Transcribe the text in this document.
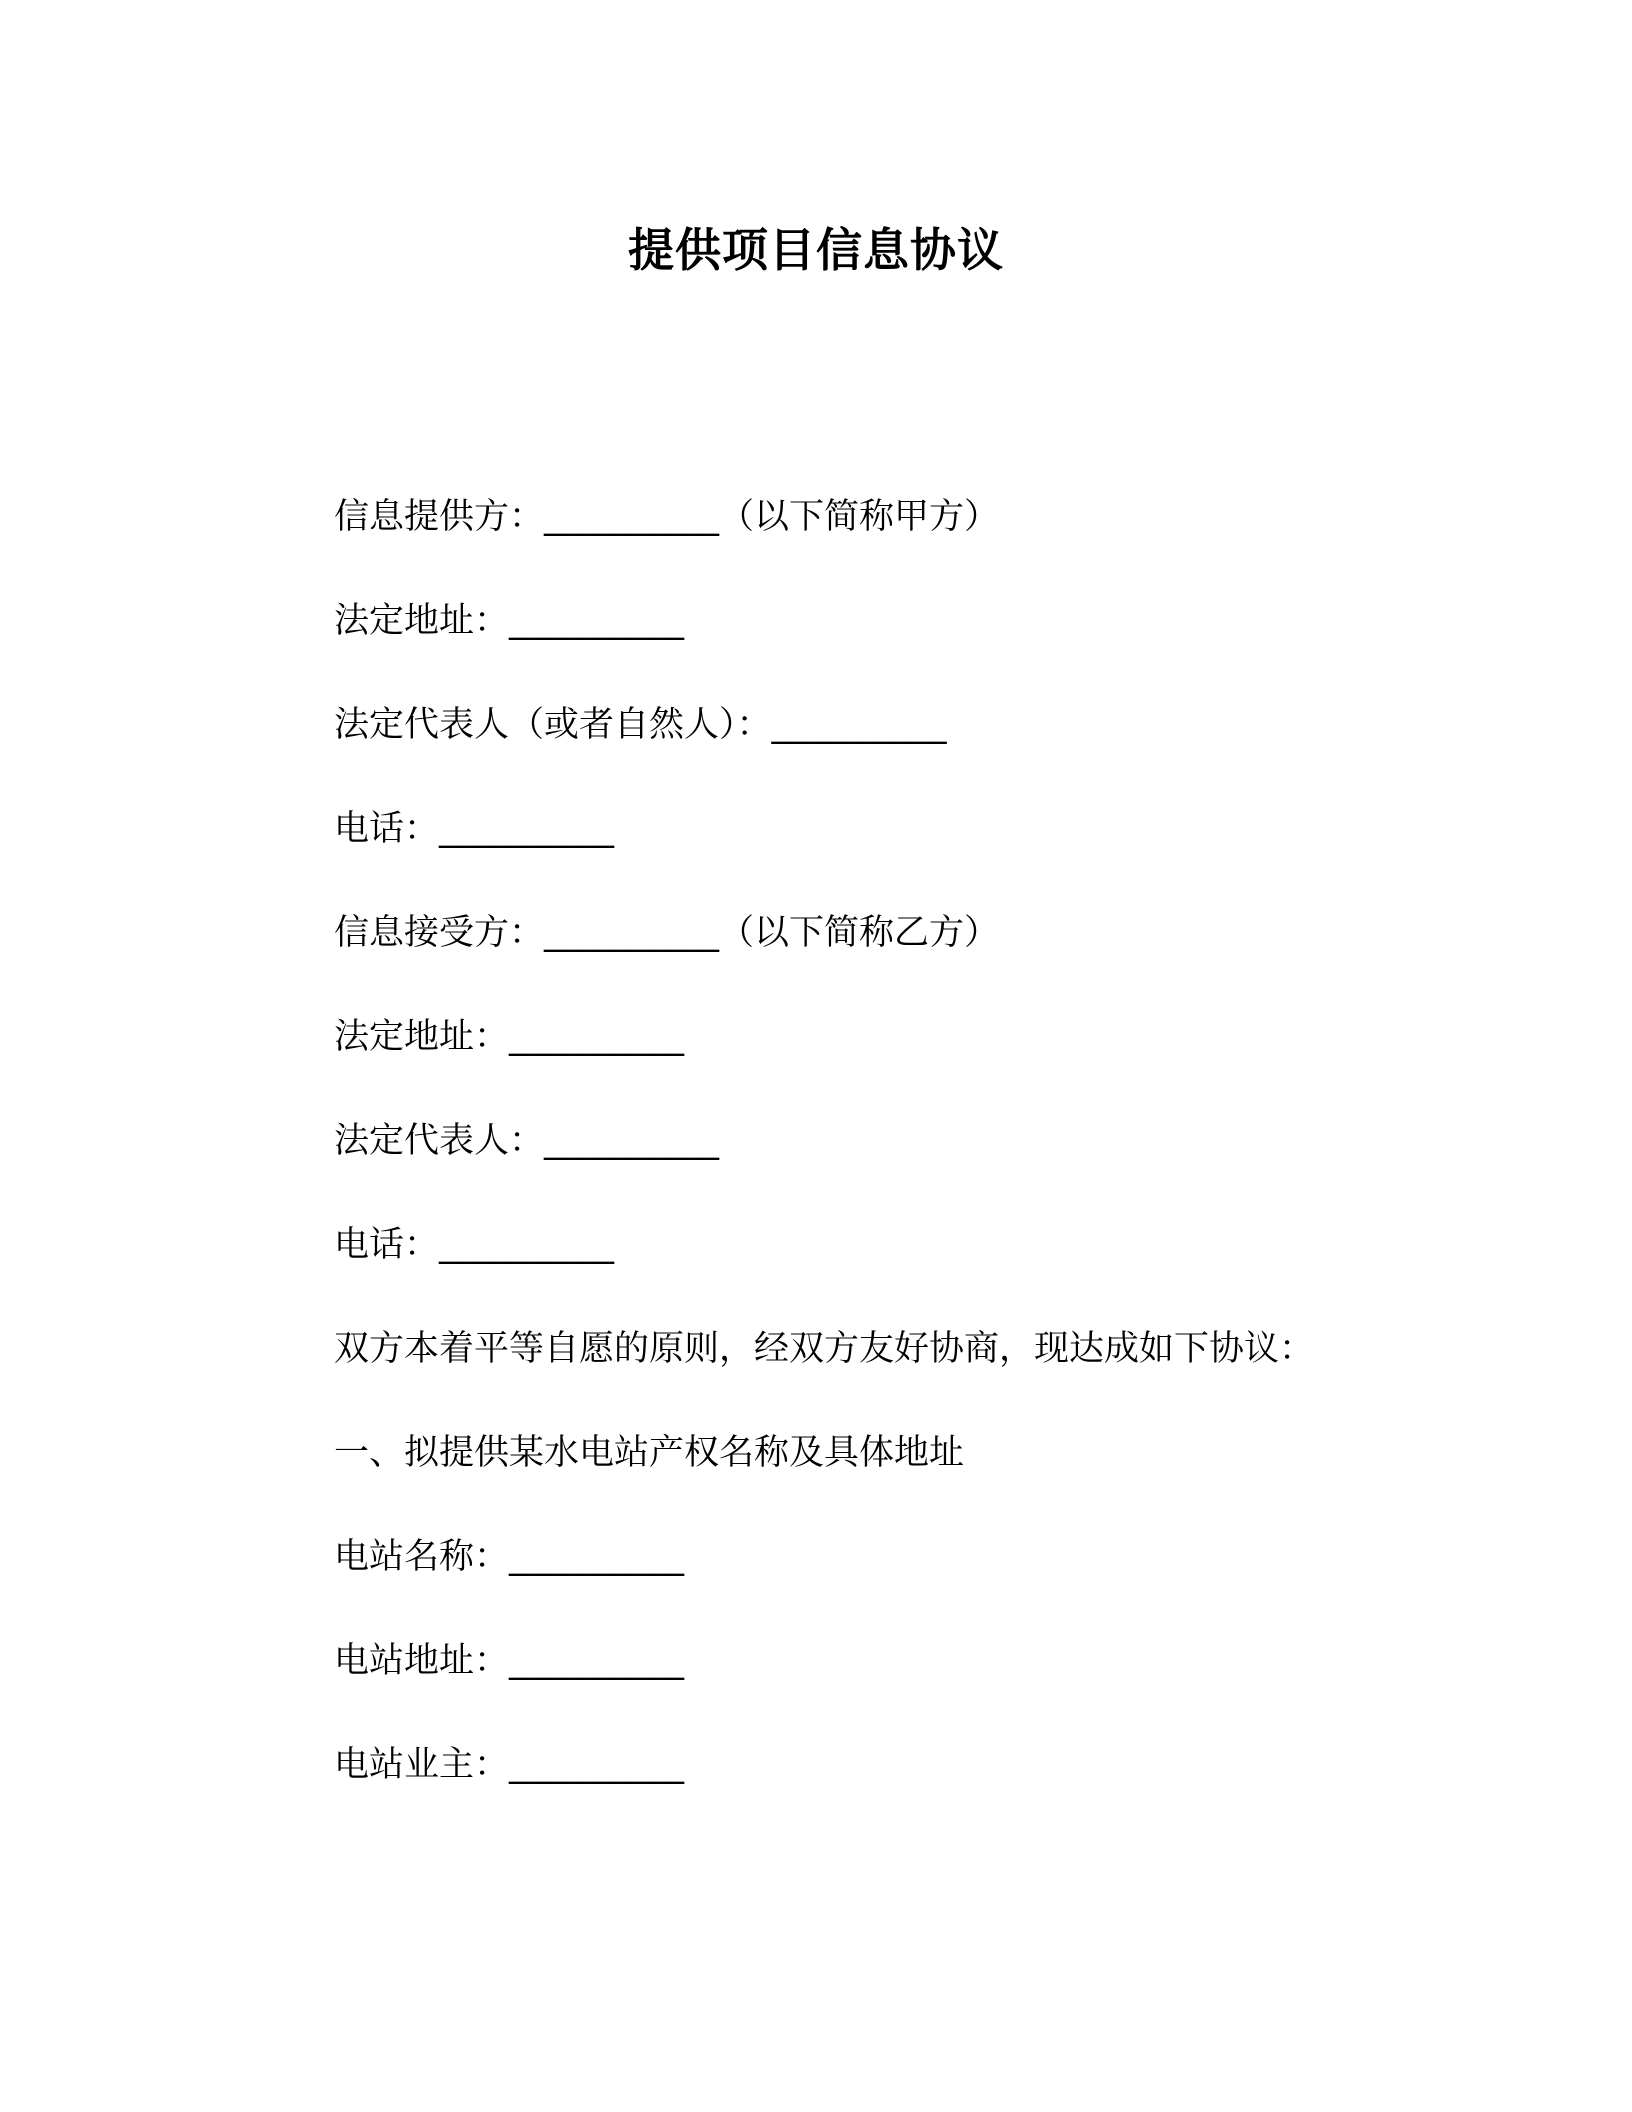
提供项目信息协议
信息提供方：__________（以下简称甲方）
法定地址：__________
法定代表人（或者自然人）：__________
电话：__________
信息接受方：__________（以下简称乙方）
法定地址：__________
法定代表人：__________
电话：__________
双方本着平等自愿的原则，经双方友好协商，现达成如下协议：
一、拟提供某水电站产权名称及具体地址
电站名称：__________
电站地址：__________
电站业主：__________
